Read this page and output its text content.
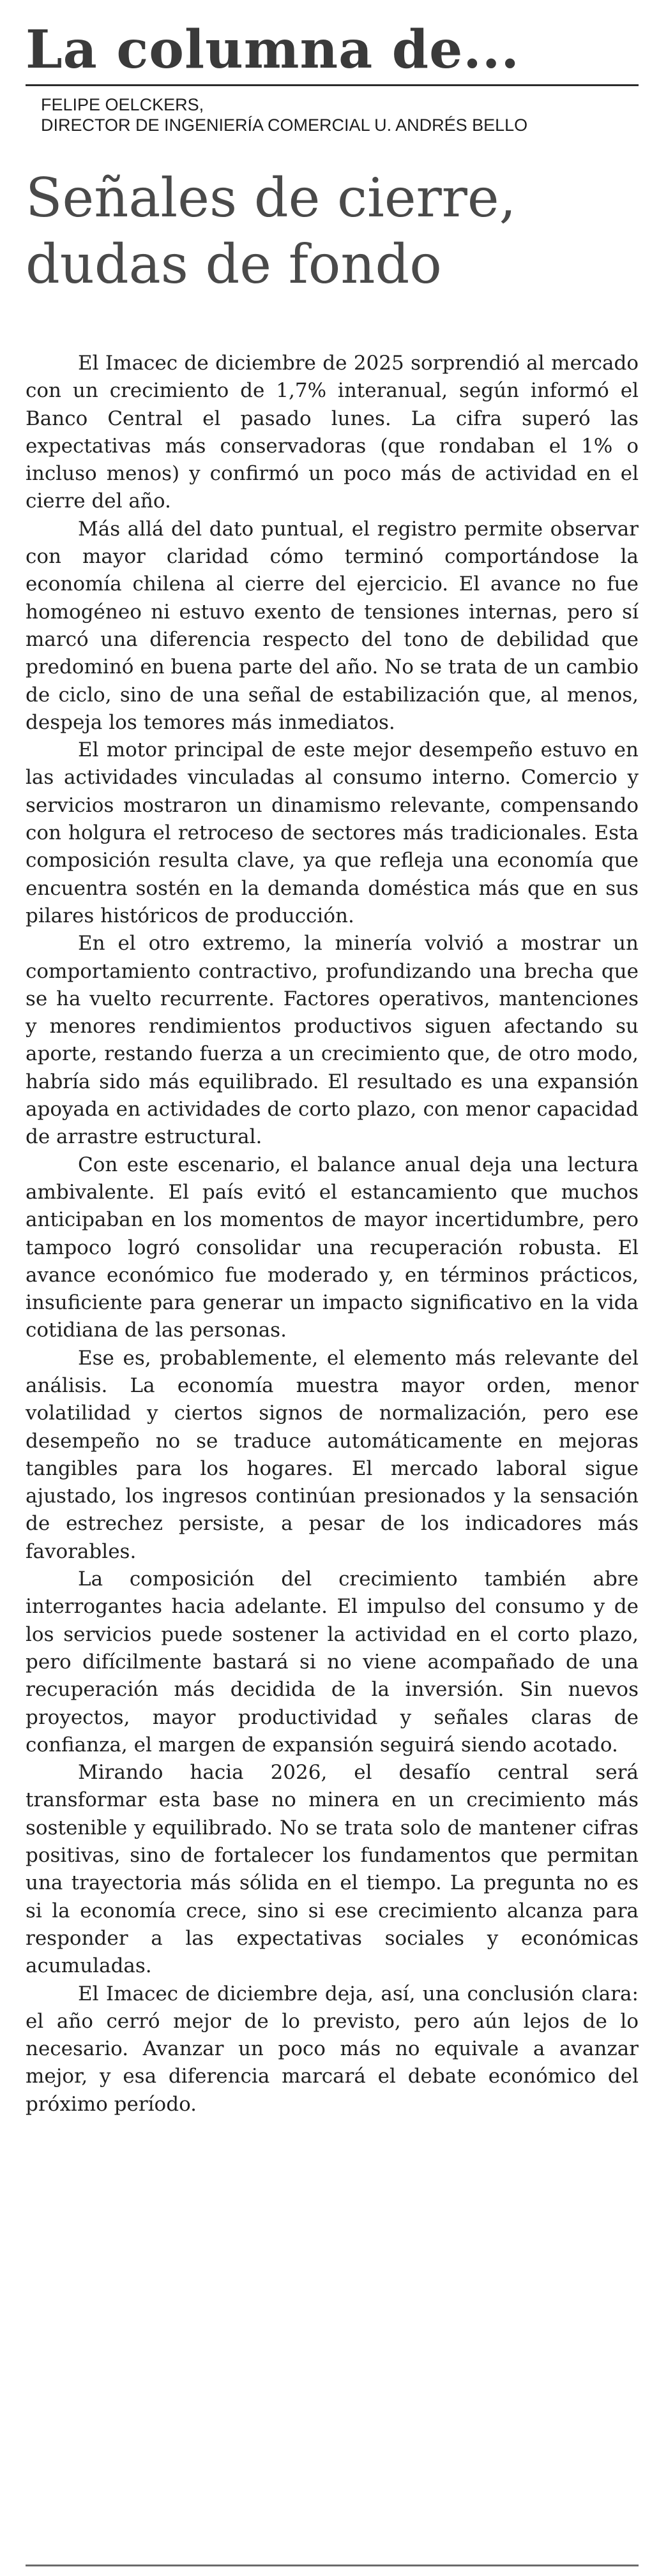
La columna de...
FELIPE OELCKERS,
DIRECTOR DE INGENIERÍA COMERCIAL U. ANDRÉS BELLO
Señales de cierre,
dudas de fondo

El Imacec de diciembre de 2025 sorprendió al mercado con un crecimiento de 1,7% interanual, según informó el Banco Central el pasado lunes. La cifra superó las expectativas más conservadoras (que rondaban el 1% o incluso menos) y confirmó un poco más de actividad en el cierre del año.

Más allá del dato puntual, el registro permite observar con mayor claridad cómo terminó comportándose la economía chilena al cierre del ejercicio. El avance no fue homogéneo ni estuvo exento de tensiones internas, pero sí marcó una diferencia respecto del tono de debilidad que predominó en buena parte del año. No se trata de un cambio de ciclo, sino de una señal de estabilización que, al menos, despeja los temores más inmediatos.

El motor principal de este mejor desempeño estuvo en las actividades vinculadas al consumo interno. Comercio y servicios mostraron un dinamismo relevante, compensando con holgura el retroceso de sectores más tradicionales. Esta composición resulta clave, ya que refleja una economía que encuentra sostén en la demanda doméstica más que en sus pilares históricos de producción.

En el otro extremo, la minería volvió a mostrar un comportamiento contractivo, profundizando una brecha que se ha vuelto recurrente. Factores operativos, mantenciones y menores rendimientos productivos siguen afectando su aporte, restando fuerza a un crecimiento que, de otro modo, habría sido más equilibrado. El resultado es una expansión apoyada en actividades de corto plazo, con menor capacidad de arrastre estructural.

Con este escenario, el balance anual deja una lectura ambivalente. El país evitó el estancamiento que muchos anticipaban en los momentos de mayor incertidumbre, pero tampoco logró consolidar una recuperación robusta. El avance económico fue moderado y, en términos prácticos, insuficiente para generar un impacto significativo en la vida cotidiana de las personas.

Ese es, probablemente, el elemento más relevante del análisis. La economía muestra mayor orden, menor volatilidad y ciertos signos de normalización, pero ese desempeño no se traduce automáticamente en mejoras tangibles para los hogares. El mercado laboral sigue ajustado, los ingresos continúan presionados y la sensación de estrechez persiste, a pesar de los indicadores más favorables.

La composición del crecimiento también abre interrogantes hacia adelante. El impulso del consumo y de los servicios puede sostener la actividad en el corto plazo, pero difícilmente bastará si no viene acompañado de una recuperación más decidida de la inversión. Sin nuevos proyectos, mayor productividad y señales claras de confianza, el margen de expansión seguirá siendo acotado.

Mirando hacia 2026, el desafío central será transformar esta base no minera en un crecimiento más sostenible y equilibrado. No se trata solo de mantener cifras positivas, sino de fortalecer los fundamentos que permitan una trayectoria más sólida en el tiempo. La pregunta no es si la economía crece, sino si ese crecimiento alcanza para responder a las expectativas sociales y económicas acumuladas.

El Imacec de diciembre deja, así, una conclusión clara: el año cerró mejor de lo previsto, pero aún lejos de lo necesario. Avanzar un poco más no equivale a avanzar mejor, y esa diferencia marcará el debate económico del próximo período.
